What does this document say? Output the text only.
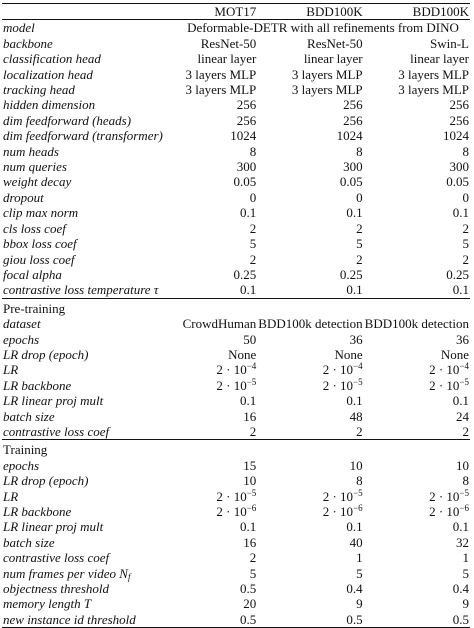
	MOT17	BDD100K	BDD100K
model	Deformable-DETR with all refinements from DINO		
backbone	ResNet-50	ResNet-50	Swin-L
classification head	linear layer	linear layer	linear layer
localization head	3 layers MLP	3 layers MLP	3 layers MLP
tracking head	3 layers MLP	3 layers MLP	3 layers MLP
hidden dimension	256	256	256
dim feedforward (heads)	256	256	256
dim feedforward (transformer)	1024	1024	1024
num heads	8	8	8
num queries	300	300	300
weight decay	0.05	0.05	0.05
dropout	0	0	0
clip max norm	0.1	0.1	0.1
cls loss coef	2	2	2
bbox loss coef	5	5	5
giou loss coef	2	2	2
focal alpha	0.25	0.25	0.25
contrastive loss temperature τ	0.1	0.1	0.1
Pre-training			
dataset	CrowdHuman	BDD100k detection	BDD100k detection
epochs	50	36	36
LR drop (epoch)	None	None	None
LR	$2 \cdot 10^{-4}$	$2 \cdot 10^{-4}$	$2 \cdot 10^{-4}$
LR backbone	$2 \cdot 10^{-5}$	$2 \cdot 10^{-5}$	$2 \cdot 10^{-5}$
LR linear proj mult	0.1	0.1	0.1
batch size	16	48	24
contrastive loss coef	2	2	2
Training			
epochs	15	10	10
LR drop (epoch)	10	8	8
LR	$2 \cdot 10^{-5}$	$2 \cdot 10^{-5}$	$2 \cdot 10^{-5}$
LR backbone	$2 \cdot 10^{-6}$	$2 \cdot 10^{-6}$	$2 \cdot 10^{-6}$
LR linear proj mult	0.1	0.1	0.1
batch size	16	40	32
contrastive loss coef	2	1	1
num frames per video $N_f$	5	5	5
objectness threshold	0.5	0.4	0.4
memory length T	20	9	9
new instance id threshold	0.5	0.5	0.5
